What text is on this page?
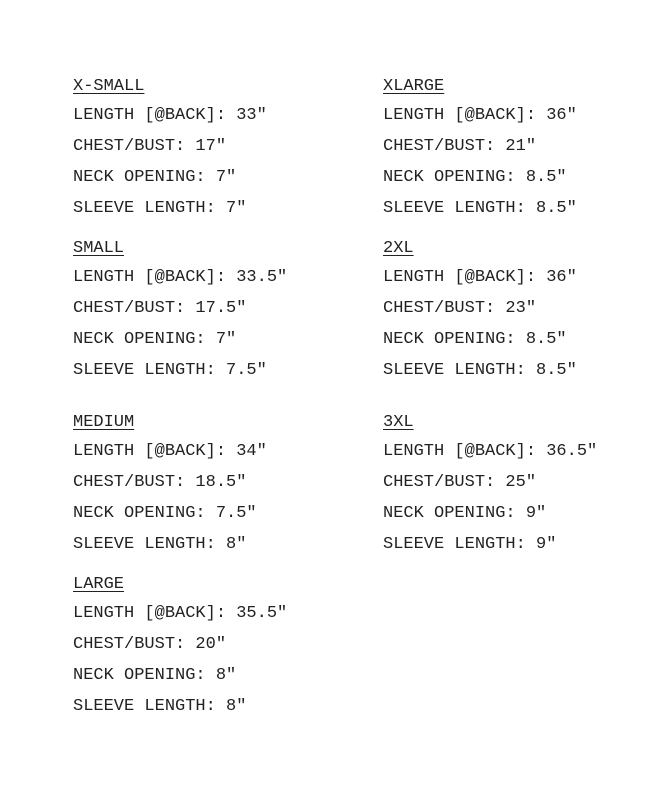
X-SMALL
LENGTH [@BACK]: 33"
CHEST/BUST: 17"
NECK OPENING: 7"
SLEEVE LENGTH: 7"
SMALL
LENGTH [@BACK]: 33.5"
CHEST/BUST: 17.5"
NECK OPENING: 7"
SLEEVE LENGTH: 7.5"
MEDIUM
LENGTH [@BACK]: 34"
CHEST/BUST: 18.5"
NECK OPENING: 7.5"
SLEEVE LENGTH: 8"
LARGE
LENGTH [@BACK]: 35.5"
CHEST/BUST: 20"
NECK OPENING: 8"
SLEEVE LENGTH: 8"
XLARGE
LENGTH [@BACK]: 36"
CHEST/BUST: 21"
NECK OPENING: 8.5"
SLEEVE LENGTH: 8.5"
2XL
LENGTH [@BACK]: 36"
CHEST/BUST: 23"
NECK OPENING: 8.5"
SLEEVE LENGTH: 8.5"
3XL
LENGTH [@BACK]: 36.5"
CHEST/BUST: 25"
NECK OPENING: 9"
SLEEVE LENGTH: 9"
